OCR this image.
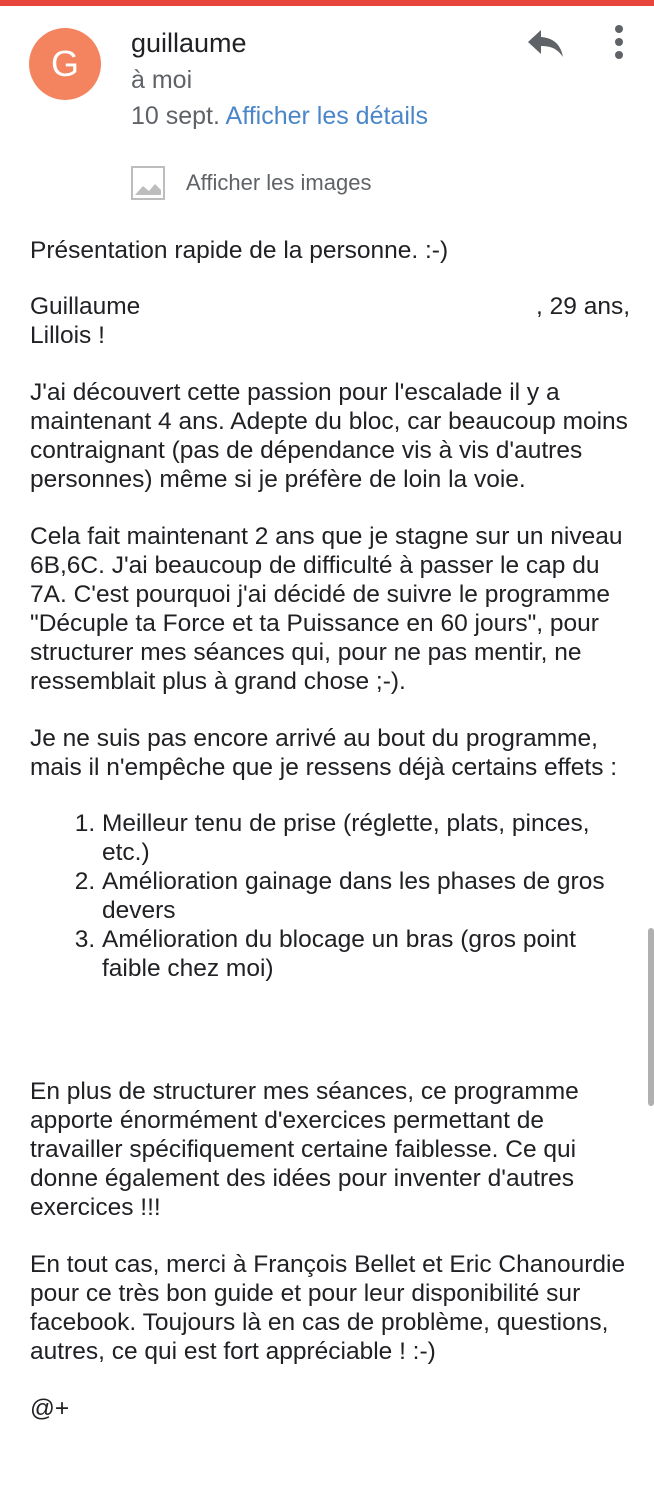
G	guillaume
à moi
10 sept. Afficher les détails
Afficher les images

Présentation rapide de la personne. :-)

Guillaume	, 29 ans,

Lillois !

J'ai découvert cette passion pour l'escalade il y a maintenant 4 ans. Adepte du bloc, car beaucoup moins contraignant (pas de dépendance vis à vis d'autres personnes) même si je préfère de loin la voie.

Cela fait maintenant 2 ans que je stagne sur un niveau 6B,6C. J'ai beaucoup de difficulté à passer le cap du 7A. C'est pourquoi j'ai décidé de suivre le programme "Décuple ta Force et ta Puissance en 60 jours", pour structurer mes séances qui, pour ne pas mentir, ne ressemblait plus à grand chose ;-).

Je ne suis pas encore arrivé au bout du programme, mais il n'empêche que je ressens déjà certains effets :

1. Meilleur tenu de prise (réglette, plats, pinces, etc.)
2. Amélioration gainage dans les phases de gros devers
3. Amélioration du blocage un bras (gros point faible chez moi)

En plus de structurer mes séances, ce programme apporte énormément d'exercices permettant de travailler spécifiquement certaine faiblesse. Ce qui donne également des idées pour inventer d'autres exercices !!!

En tout cas, merci à François Bellet et Eric Chanourdie pour ce très bon guide et pour leur disponibilité sur facebook. Toujours là en cas de problème, questions, autres, ce qui est fort appréciable ! :-)

@+
